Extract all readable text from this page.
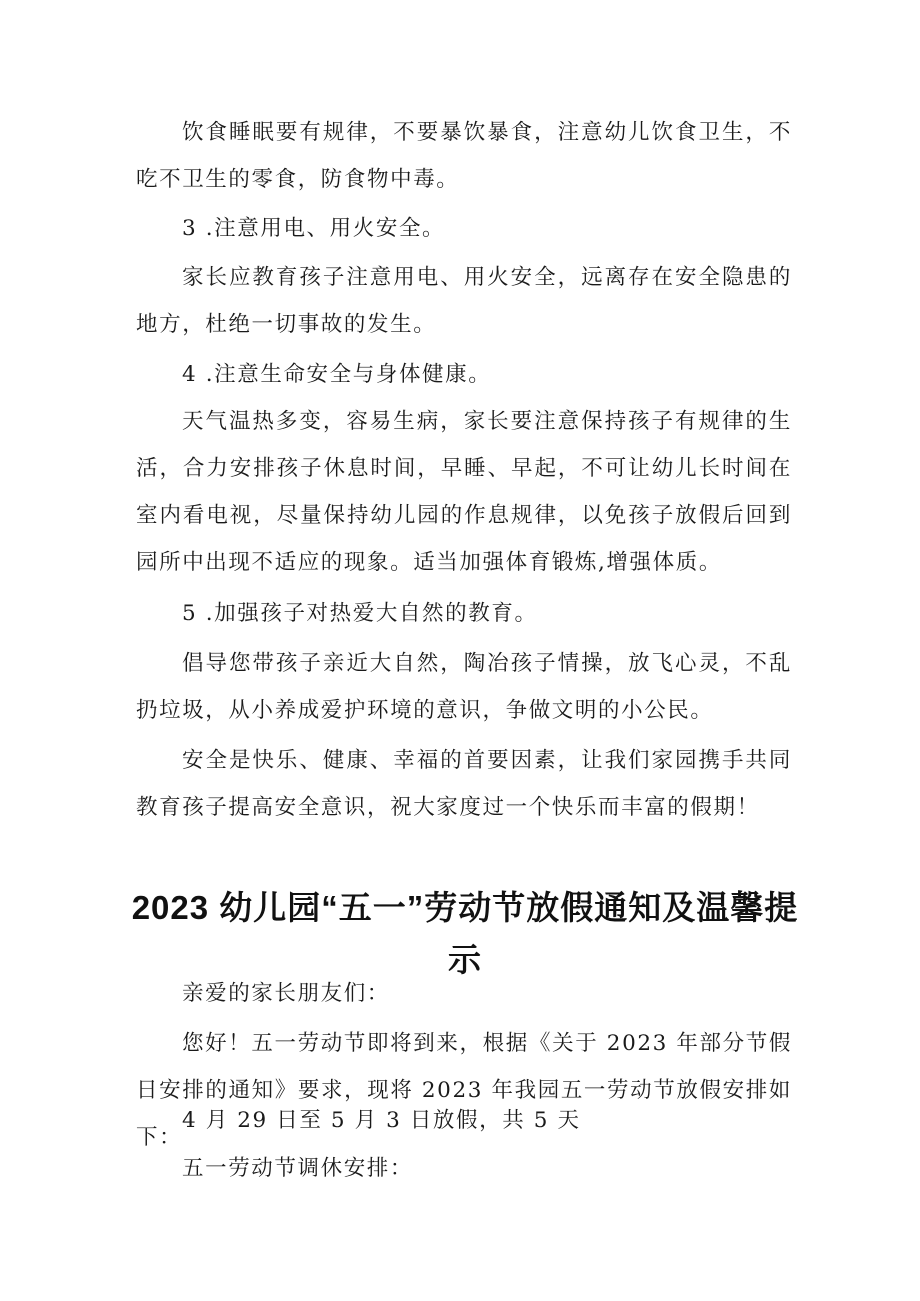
饮食睡眠要有规律，不要暴饮暴食，注意幼儿饮食卫生，不吃不卫生的零食，防食物中毒。

3 .注意用电、用火安全。

家长应教育孩子注意用电、用火安全，远离存在安全隐患的地方，杜绝一切事故的发生。

4 .注意生命安全与身体健康。

天气温热多变，容易生病，家长要注意保持孩子有规律的生活，合力安排孩子休息时间，早睡、早起，不可让幼儿长时间在室内看电视，尽量保持幼儿园的作息规律，以免孩子放假后回到园所中出现不适应的现象。适当加强体育锻炼,增强体质。

5 .加强孩子对热爱大自然的教育。

倡导您带孩子亲近大自然，陶冶孩子情操，放飞心灵，不乱扔垃圾，从小养成爱护环境的意识，争做文明的小公民。

安全是快乐、健康、幸福的首要因素，让我们家园携手共同教育孩子提高安全意识，祝大家度过一个快乐而丰富的假期！

2023 幼儿园“五一”劳动节放假通知及温馨提示

亲爱的家长朋友们：

您好！五一劳动节即将到来，根据《关于 2023 年部分节假日安排的通知》要求，现将 2023 年我园五一劳动节放假安排如下：

4 月 29 日至 5 月 3 日放假，共 5 天

五一劳动节调休安排：
